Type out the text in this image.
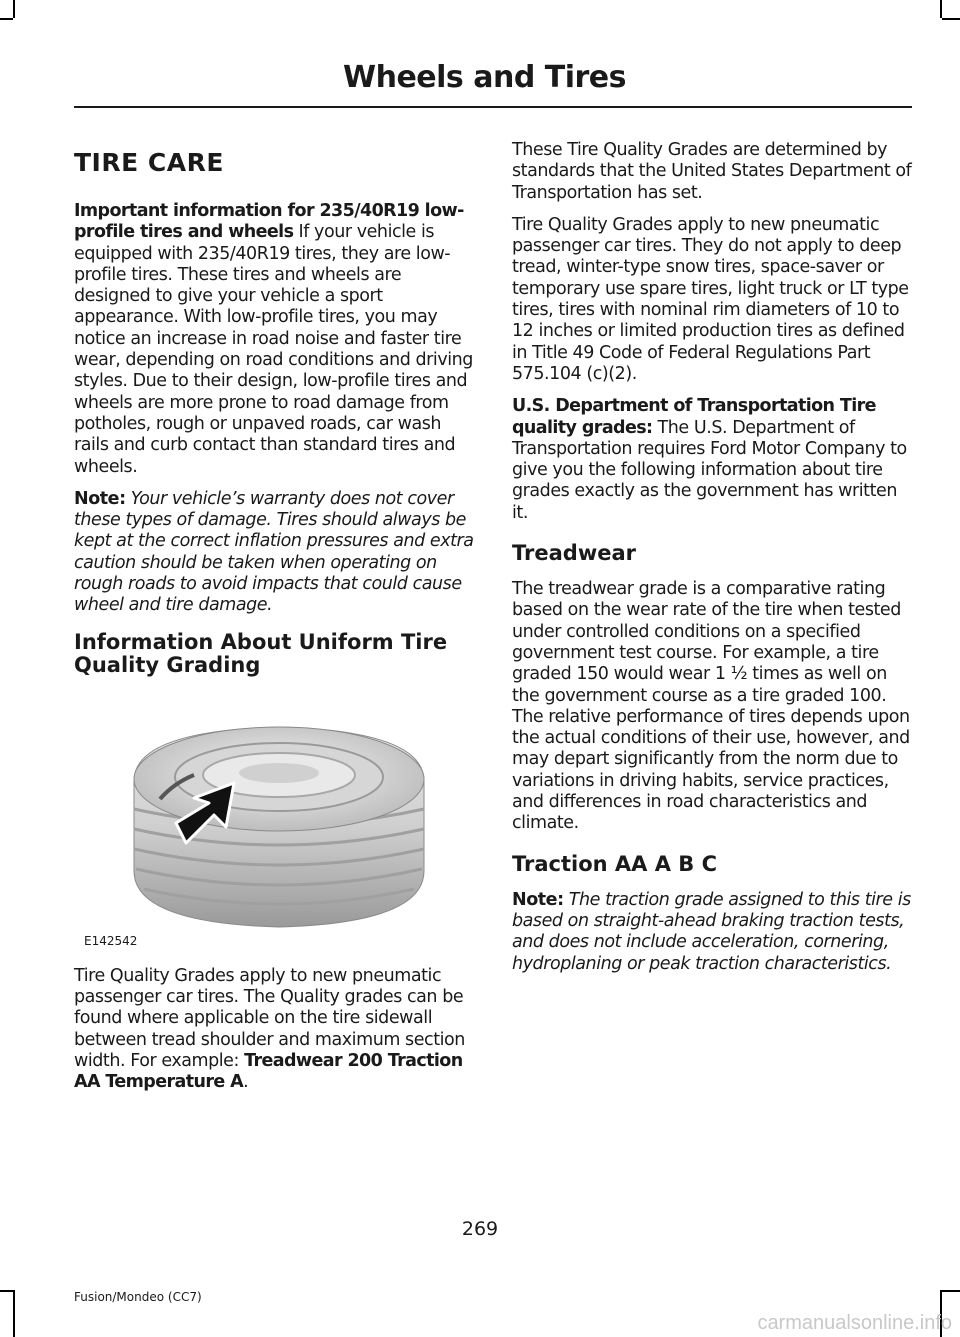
Wheels and Tires
TIRE CARE

Important information for 235/40R19 low-profile tires and wheels If your vehicle is equipped with 235/40R19 tires, they are low-profile tires. These tires and wheels are designed to give your vehicle a sport appearance. With low-profile tires, you may notice an increase in road noise and faster tire wear, depending on road conditions and driving styles. Due to their design, low-profile tires and wheels are more prone to road damage from potholes, rough or unpaved roads, car wash rails and curb contact than standard tires and wheels.

Note: Your vehicle’s warranty does not cover these types of damage. Tires should always be kept at the correct inflation pressures and extra caution should be taken when operating on rough roads to avoid impacts that could cause wheel and tire damage.

Information About Uniform Tire Quality Grading
E142542

Tire Quality Grades apply to new pneumatic passenger car tires. The Quality grades can be found where applicable on the tire sidewall between tread shoulder and maximum section width. For example: Treadwear 200 Traction AA Temperature A.

These Tire Quality Grades are determined by standards that the United States Department of Transportation has set.

Tire Quality Grades apply to new pneumatic passenger car tires. They do not apply to deep tread, winter-type snow tires, space-saver or temporary use spare tires, light truck or LT type tires, tires with nominal rim diameters of 10 to 12 inches or limited production tires as defined in Title 49 Code of Federal Regulations Part 575.104 (c)(2).

U.S. Department of Transportation Tire quality grades: The U.S. Department of Transportation requires Ford Motor Company to give you the following information about tire grades exactly as the government has written it.

Treadwear

The treadwear grade is a comparative rating based on the wear rate of the tire when tested under controlled conditions on a specified government test course. For example, a tire graded 150 would wear 1 ½ times as well on the government course as a tire graded 100. The relative performance of tires depends upon the actual conditions of their use, however, and may depart significantly from the norm due to variations in driving habits, service practices, and differences in road characteristics and climate.

Traction AA A B C

Note: The traction grade assigned to this tire is based on straight-ahead braking traction tests, and does not include acceleration, cornering, hydroplaning or peak traction characteristics.

269
Fusion/Mondeo (CC7)
carmanualsonline.info
